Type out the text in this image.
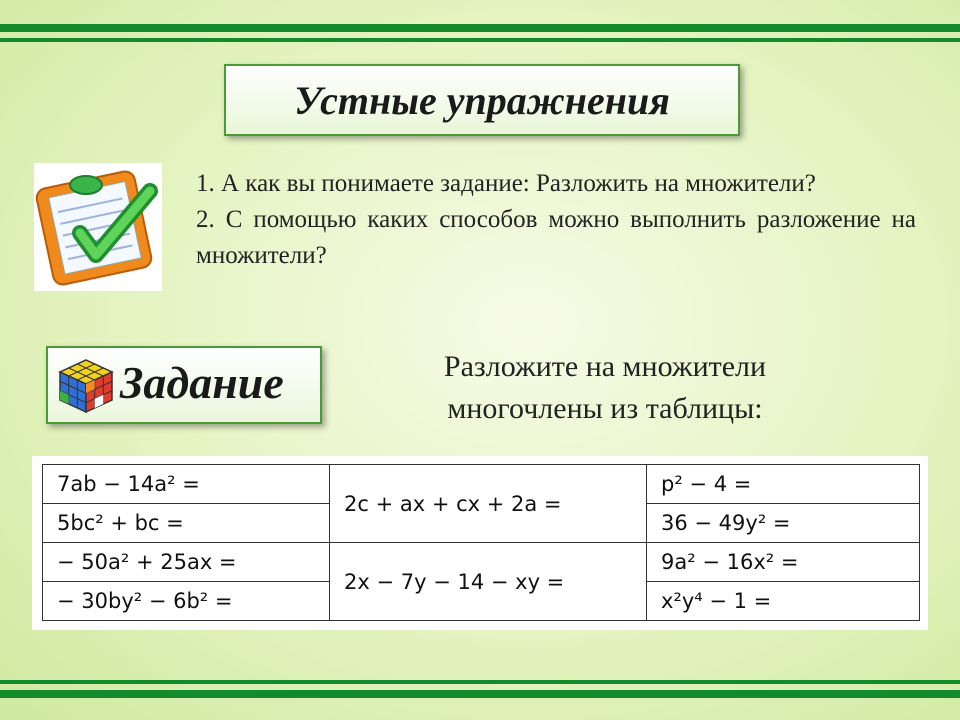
Устные упражнения

1. А как вы понимаете задание: Разложить на множители?

2. С помощью каких способов можно выполнить разложение на множители?

Задание	Разложите на множители
многочлены из таблицы:
7ab − 14a² =	2c + ax + cx + 2a =	p² − 4 =
5bc² + bc =		36 − 49y² =
− 50a² + 25ax =	2x − 7y − 14 − xy =	9a² − 16x² =
− 30by² − 6b² =		x²y⁴ − 1 =
